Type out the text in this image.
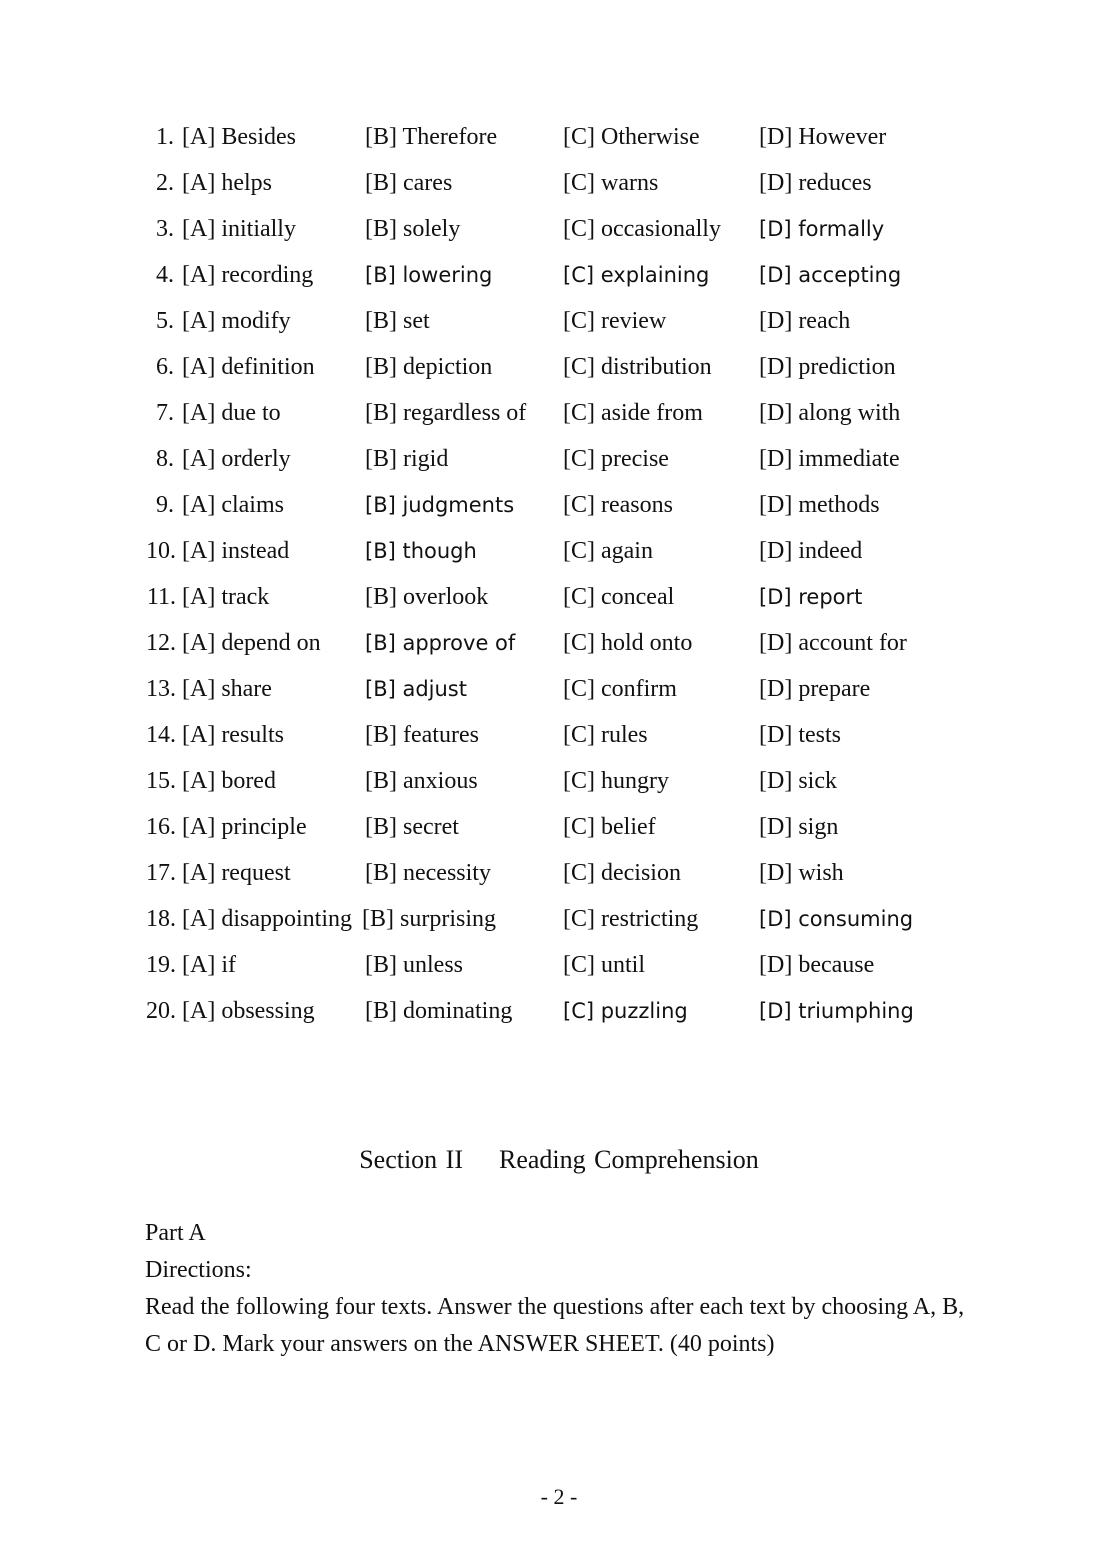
1. [A] Besides	[B] Therefore	[C] Otherwise [D] However
2. [A] helps	[B] cares	[C] warns	[D] reduces
3. [A] initially	[B] solely	[C] occasionally [D] formally
4. [A] recording [B] lowering	[C] explaining [D] accepting
5. [A] modify	[B] set	[C] review	[D] reach
6. [A] definition [B] depiction	[C] distribution [D] prediction
7. [A] due to	[B] regardless of [C] aside from [D] along with
8. [A] orderly	[B] rigid	[C] precise	[D] immediate
9. [A] claims	[B] judgments [C] reasons	[D] methods
10. [A] instead	[B] though	[C] again	[D] indeed
11. [A] track	[B] overlook	[C] conceal	[D] report
12. [A] depend on [B] approve of [C] hold onto	[D] account for
13. [A] share	[B] adjust	[C] confirm	[D] prepare
14. [A] results	[B] features	[C] rules	[D] tests
15. [A] bored	[B] anxious	[C] hungry	[D] sick
16. [A] principle [B] secret	[C] belief	[D] sign
17. [A] request	[B] necessity	[C] decision	[D] wish
18. [A] disappointing [B] surprising	[C] restricting	[D] consuming
19. [A] if	[B] unless	[C] until	[D] because
20. [A] obsessing [B] dominating [C] puzzling	[D] triumphing
Section II Reading Comprehension
Part A
Directions:
Read the following four texts. Answer the questions after each text by choosing A, B, C or D. Mark your answers on the ANSWER SHEET. (40 points)
- 2 -
